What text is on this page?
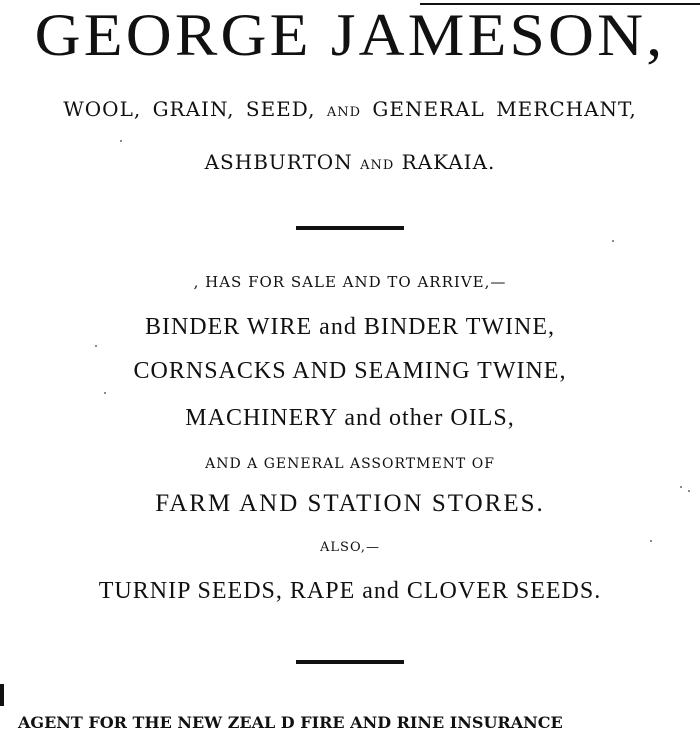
GEORGE JAMESON,
WOOL, GRAIN, SEED, AND GENERAL MERCHANT,
ASHBURTON AND RAKAIA.
, HAS FOR SALE AND TO ARRIVE,—
BINDER WIRE and BINDER TWINE,
CORNSACKS AND SEAMING TWINE,
MACHINERY and other OILS,
AND A GENERAL ASSORTMENT OF
FARM AND STATION STORES.
ALSO,—
TURNIP SEEDS, RAPE and CLOVER SEEDS.
AGENT FOR THE NEW ZEAL D FIRE AND RINE INSURANCE
